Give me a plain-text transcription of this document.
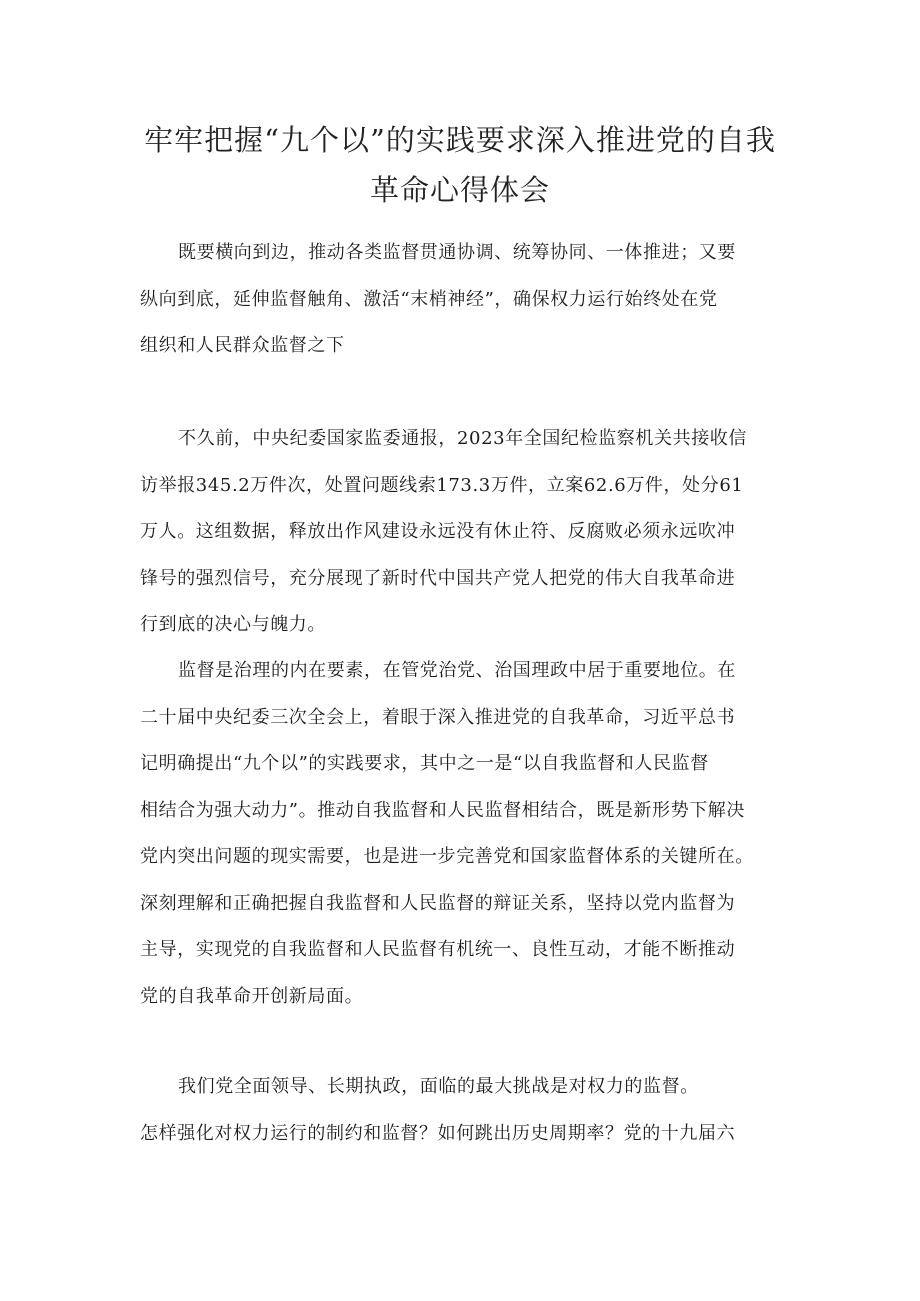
牢牢把握“九个以”的实践要求深入推进党的自我
革命心得体会

既要横向到边，推动各类监督贯通协调、统筹协同、一体推进；又要
纵向到底，延伸监督触角、激活“末梢神经”，确保权力运行始终处在党
组织和人民群众监督之下

不久前，中央纪委国家监委通报，2023年全国纪检监察机关共接收信
访举报345.2万件次，处置问题线索173.3万件，立案62.6万件，处分61
万人。这组数据，释放出作风建设永远没有休止符、反腐败必须永远吹冲
锋号的强烈信号，充分展现了新时代中国共产党人把党的伟大自我革命进
行到底的决心与魄力。

监督是治理的内在要素，在管党治党、治国理政中居于重要地位。在
二十届中央纪委三次全会上，着眼于深入推进党的自我革命，习近平总书
记明确提出“九个以”的实践要求，其中之一是“以自我监督和人民监督
相结合为强大动力”。推动自我监督和人民监督相结合，既是新形势下解决
党内突出问题的现实需要，也是进一步完善党和国家监督体系的关键所在。
深刻理解和正确把握自我监督和人民监督的辩证关系，坚持以党内监督为
主导，实现党的自我监督和人民监督有机统一、良性互动，才能不断推动
党的自我革命开创新局面。

我们党全面领导、长期执政，面临的最大挑战是对权力的监督。
怎样强化对权力运行的制约和监督？如何跳出历史周期率？党的十九届六
